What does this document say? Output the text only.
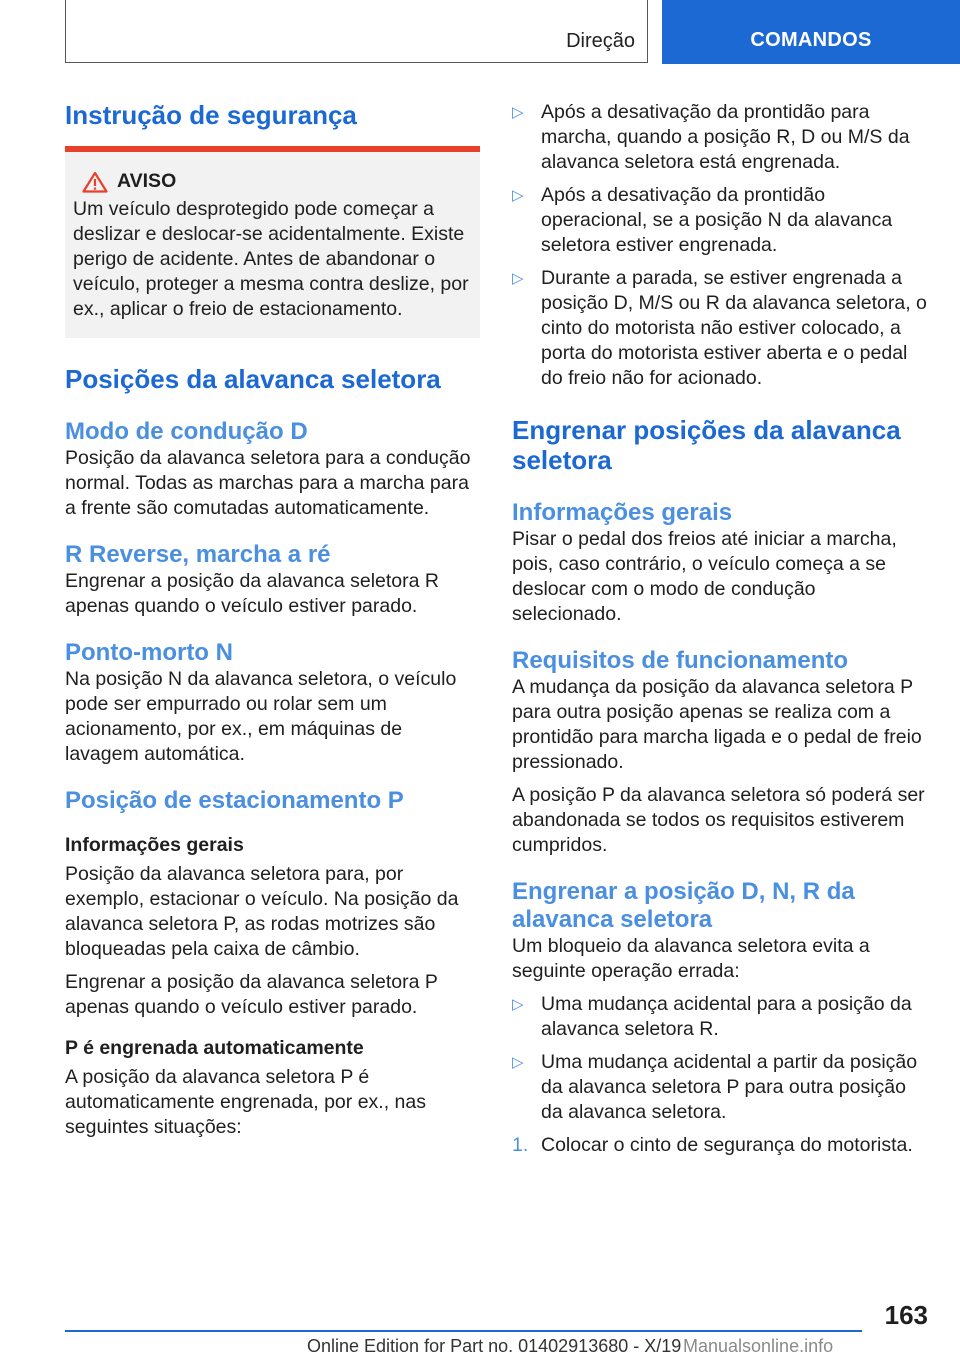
Direção	COMANDOS
Instrução de segurança
AVISO

Um veículo desprotegido pode começar a deslizar e deslocar-se acidentalmente. Existe perigo de acidente. Antes de abandonar o veículo, proteger a mesma contra deslize, por ex., aplicar o freio de estacionamento.

Posições da alavanca seletora
Modo de condução D

Posição da alavanca seletora para a condução normal. Todas as marchas para a marcha para a frente são comutadas automaticamente.

R Reverse, marcha a ré

Engrenar a posição da alavanca seletora R apenas quando o veículo estiver parado.

Ponto-morto N

Na posição N da alavanca seletora, o veículo pode ser empurrado ou rolar sem um acionamento, por ex., em máquinas de lavagem automática.

Posição de estacionamento P
Informações gerais

Posição da alavanca seletora para, por exemplo, estacionar o veículo. Na posição da alavanca seletora P, as rodas motrizes são bloqueadas pela caixa de câmbio.

Engrenar a posição da alavanca seletora P apenas quando o veículo estiver parado.

P é engrenada automaticamente

A posição da alavanca seletora P é automaticamente engrenada, por ex., nas seguintes situações:

▷ Após a desativação da prontidão para marcha, quando a posição R, D ou M/S da alavanca seletora está engrenada.
▷ Após a desativação da prontidão operacional, se a posição N da alavanca seletora estiver engrenada.
▷ Durante a parada, se estiver engrenada a posição D, M/S ou R da alavanca seletora, o cinto do motorista não estiver colocado, a porta do motorista estiver aberta e o pedal do freio não for acionado.
Engrenar posições da alavanca seletora
Informações gerais

Pisar o pedal dos freios até iniciar a marcha, pois, caso contrário, o veículo começa a se deslocar com o modo de condução selecionado.

Requisitos de funcionamento

A mudança da posição da alavanca seletora P para outra posição apenas se realiza com a prontidão para marcha ligada e o pedal de freio pressionado.

A posição P da alavanca seletora só poderá ser abandonada se todos os requisitos estiverem cumpridos.

Engrenar a posição D, N, R da alavanca seletora

Um bloqueio da alavanca seletora evita a seguinte operação errada:

▷ Uma mudança acidental para a posição da alavanca seletora R.
▷ Uma mudança acidental a partir da posição da alavanca seletora P para outra posição da alavanca seletora.
1. Colocar o cinto de segurança do motorista.
163
Online Edition for Part no. 01402913680 - X/19 Manualsonline.info
